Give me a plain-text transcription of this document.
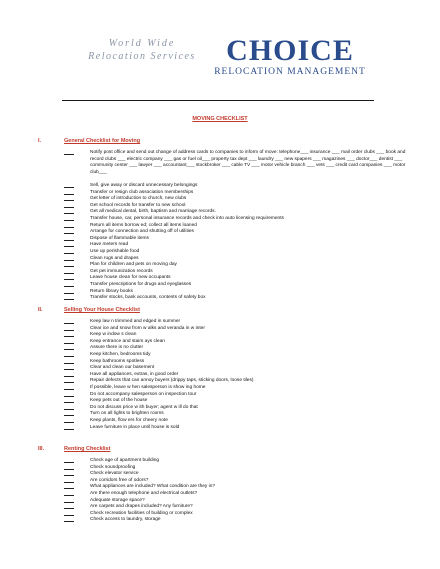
World Wide
Relocation Services	CHOICE
RELOCATION MANAGEMENT
MOVING CHECKLIST
I.	General Checklist for Moving
Notify post office and send out change of address cards to companies to inform of move: telephone___ insurance ___ mail order clubs ___ book and record clubs ___ electric company ___ gas or fuel oil___ property tax dept ___ laundry ___ new spapers ___ magazines ___ doctor___ dentist ___ community center ___ lawyer ___ accountant___ stockbroker ___ cable TV ___ motor vehicle branch ___ vets ___ credit card companies ___ motor club___
Sell, give away or discard unnecessary belongings
Transfer or resign club association memberships
Get letter of introduction to church, new clubs
Get school records for transfer to new school
Get all medical dental, birth, baptism and marriage records.
Transfer house, car, personal insurance records and check into auto licensing requirements
Return all items borrow ed; collect all items loaned
Arrange for connection and shutting off of utilities
Dispose of flammable items
Have meters read
Use up perishable food
Clean rugs and drapes
Plan for children and pets on moving day
Get pet immunization records
Leave house clean for new occupants
Transfer prescriptions for drugs and eyeglasses
Return library books
Transfer stocks, bank accounts, contents of safety box
II.	Selling Your House Checklist
Keep law n trimmed and edged in summer
Clear ice and snow from w alks and veranda in w inter
Keep w indow s clean
Keep entrance and stairs ays clean
Assure there is no clutter
Keep kitchen, bedrooms tidy
Keep bathrooms spotless
Clear and clean our basement
Have all appliances, extras, in good order
Repair defects that can annoy buyers (drippy taps, sticking doors, loose tiles)
If possible, leave w hen salesperson is show ing home
Do not accompany salesperson on inspection tour
Keep pets out of the house
Do not discuss price w ith buyer; agent w ill do that
Turn on all lights to brighten rooms
Keep plants, flow ers for cheery note
Leave furniture in place until house is sold
III.	Renting Checklist
Check age of apartment building
Check soundproofing
Check elevator service
Are corridors free of odors?
What appliances are included? What condition are they in?
Are there enough telephone and electrical outlets?
Adequate storage space?
Are carpets and drapes included? Any furniture?
Check recreation facilities of building or complex
Check access to laundry, storage
